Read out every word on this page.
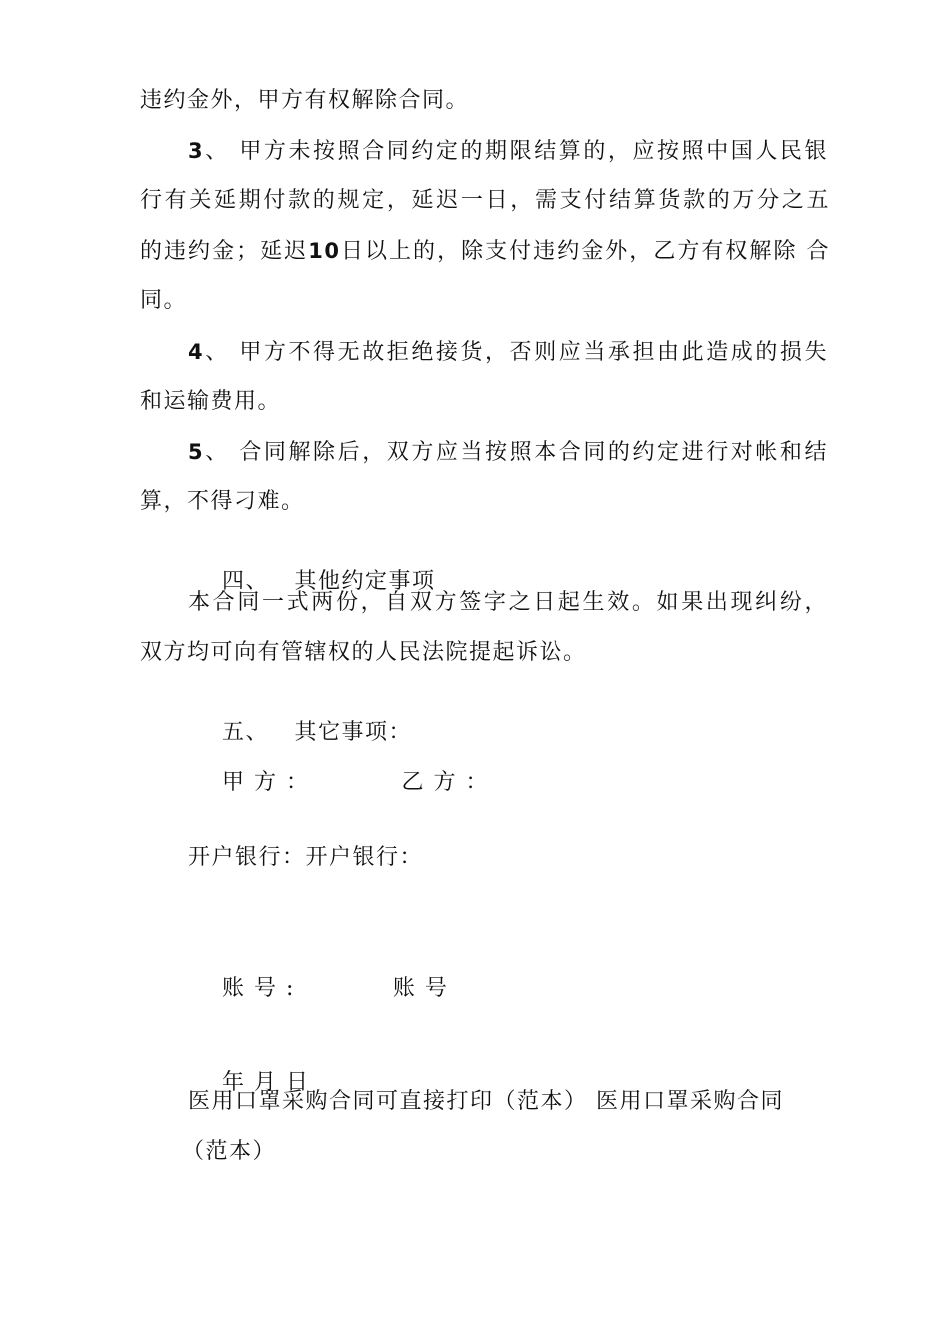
违约金外，甲方有权解除合同。
3、 甲方未按照合同约定的期限结算的，应按照中国人民银
行有关延期付款的规定，延迟一日，需支付结算货款的万分之五
的违约金；延迟10日以上的，除支付违约金外，乙方有权解除 合
同。
4、 甲方不得无故拒绝接货，否则应当承担由此造成的损失
和运输费用。
5、 合同解除后，双方应当按照本合同的约定进行对帐和结
算，不得刁难。

四、   其他约定事项

本合同一式两份，自双方签字之日起生效。如果出现纠纷，
双方均可向有管辖权的人民法院提起诉讼。

五、   其它事项：

甲 方 ：	乙 方 ：

开户银行：开户银行：

账 号 :	账 号

年 月 日

医用口罩采购合同可直接打印（范本） 医用口罩采购合同
（范本）
